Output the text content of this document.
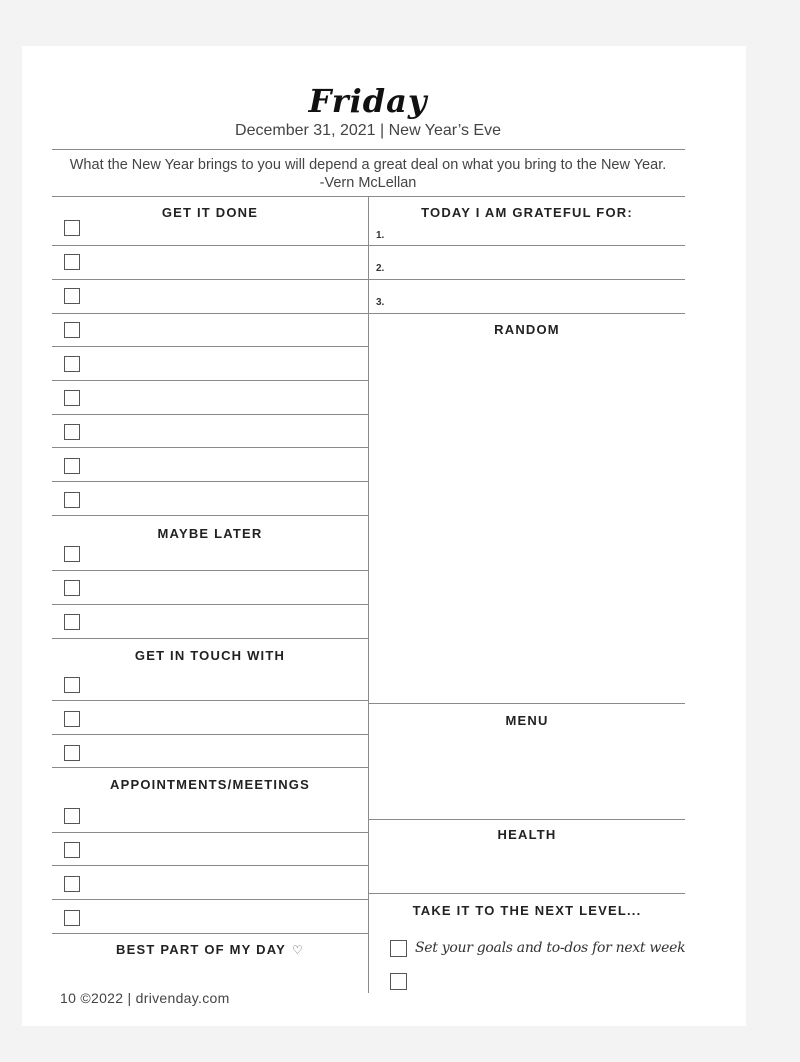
Friday
December 31, 2021 | New Year’s Eve
What the New Year brings to you will depend a great deal on what you bring to the New Year.
-Vern McLellan
GET IT DONE
MAYBE LATER
GET IN TOUCH WITH
APPOINTMENTS/MEETINGS
BEST PART OF MY DAY ♡
TODAY I AM GRATEFUL FOR:
1.
2.
3.
RANDOM
MENU
HEALTH
TAKE IT TO THE NEXT LEVEL...
Set your goals and to-dos for next week
10 ©2022 | drivenday.com
